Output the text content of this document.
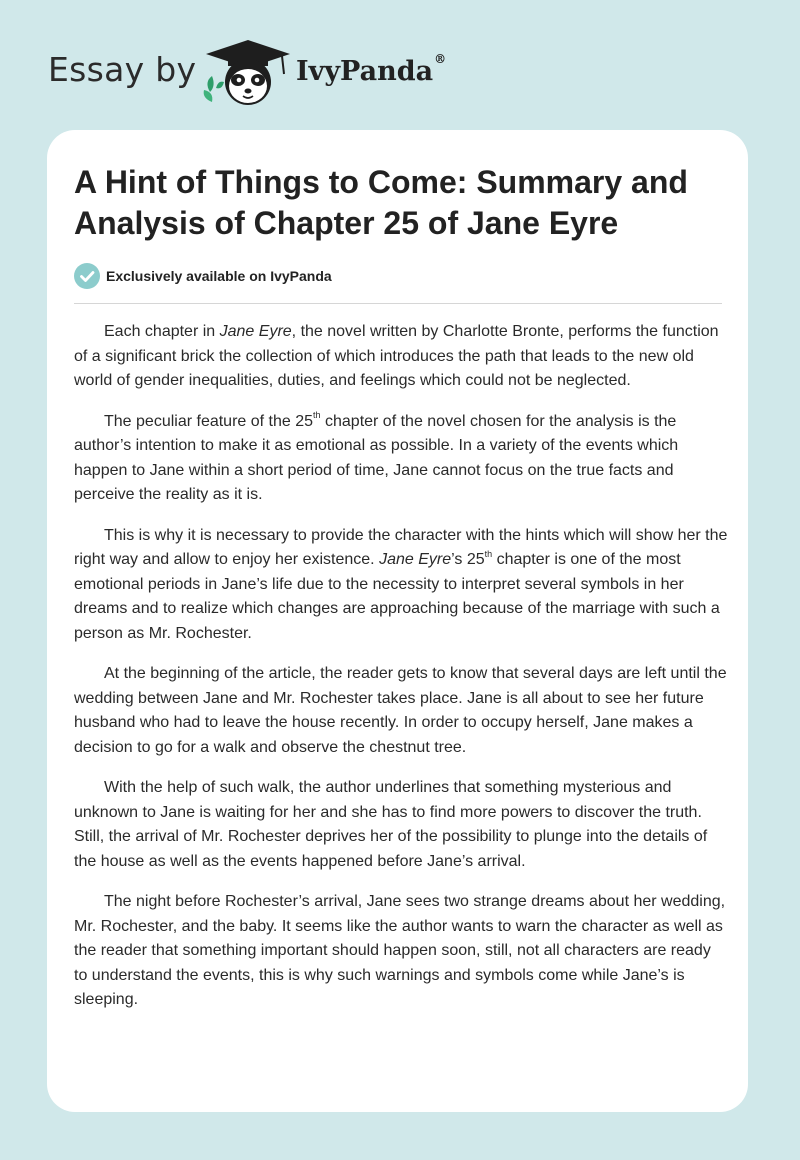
Essay by	IvyPanda®
A Hint of Things to Come: Summary and Analysis of Chapter 25 of Jane Eyre
Exclusively available on IvyPanda

Each chapter in Jane Eyre, the novel written by Charlotte Bronte, performs the function of a significant brick the collection of which introduces the path that leads to the new old world of gender inequalities, duties, and feelings which could not be neglected.

The peculiar feature of the 25th chapter of the novel chosen for the analysis is the author’s intention to make it as emotional as possible. In a variety of the events which happen to Jane within a short period of time, Jane cannot focus on the true facts and perceive the reality as it is.

This is why it is necessary to provide the character with the hints which will show her the right way and allow to enjoy her existence. Jane Eyre’s 25th chapter is one of the most emotional periods in Jane’s life due to the necessity to interpret several symbols in her dreams and to realize which changes are approaching because of the marriage with such a person as Mr. Rochester.

At the beginning of the article, the reader gets to know that several days are left until the wedding between Jane and Mr. Rochester takes place. Jane is all about to see her future husband who had to leave the house recently. In order to occupy herself, Jane makes a decision to go for a walk and observe the chestnut tree.

With the help of such walk, the author underlines that something mysterious and unknown to Jane is waiting for her and she has to find more powers to discover the truth. Still, the arrival of Mr. Rochester deprives her of the possibility to plunge into the details of the house as well as the events happened before Jane’s arrival.

The night before Rochester’s arrival, Jane sees two strange dreams about her wedding, Mr. Rochester, and the baby. It seems like the author wants to warn the character as well as the reader that something important should happen soon, still, not all characters are ready to understand the events, this is why such warnings and symbols come while Jane’s is sleeping.
